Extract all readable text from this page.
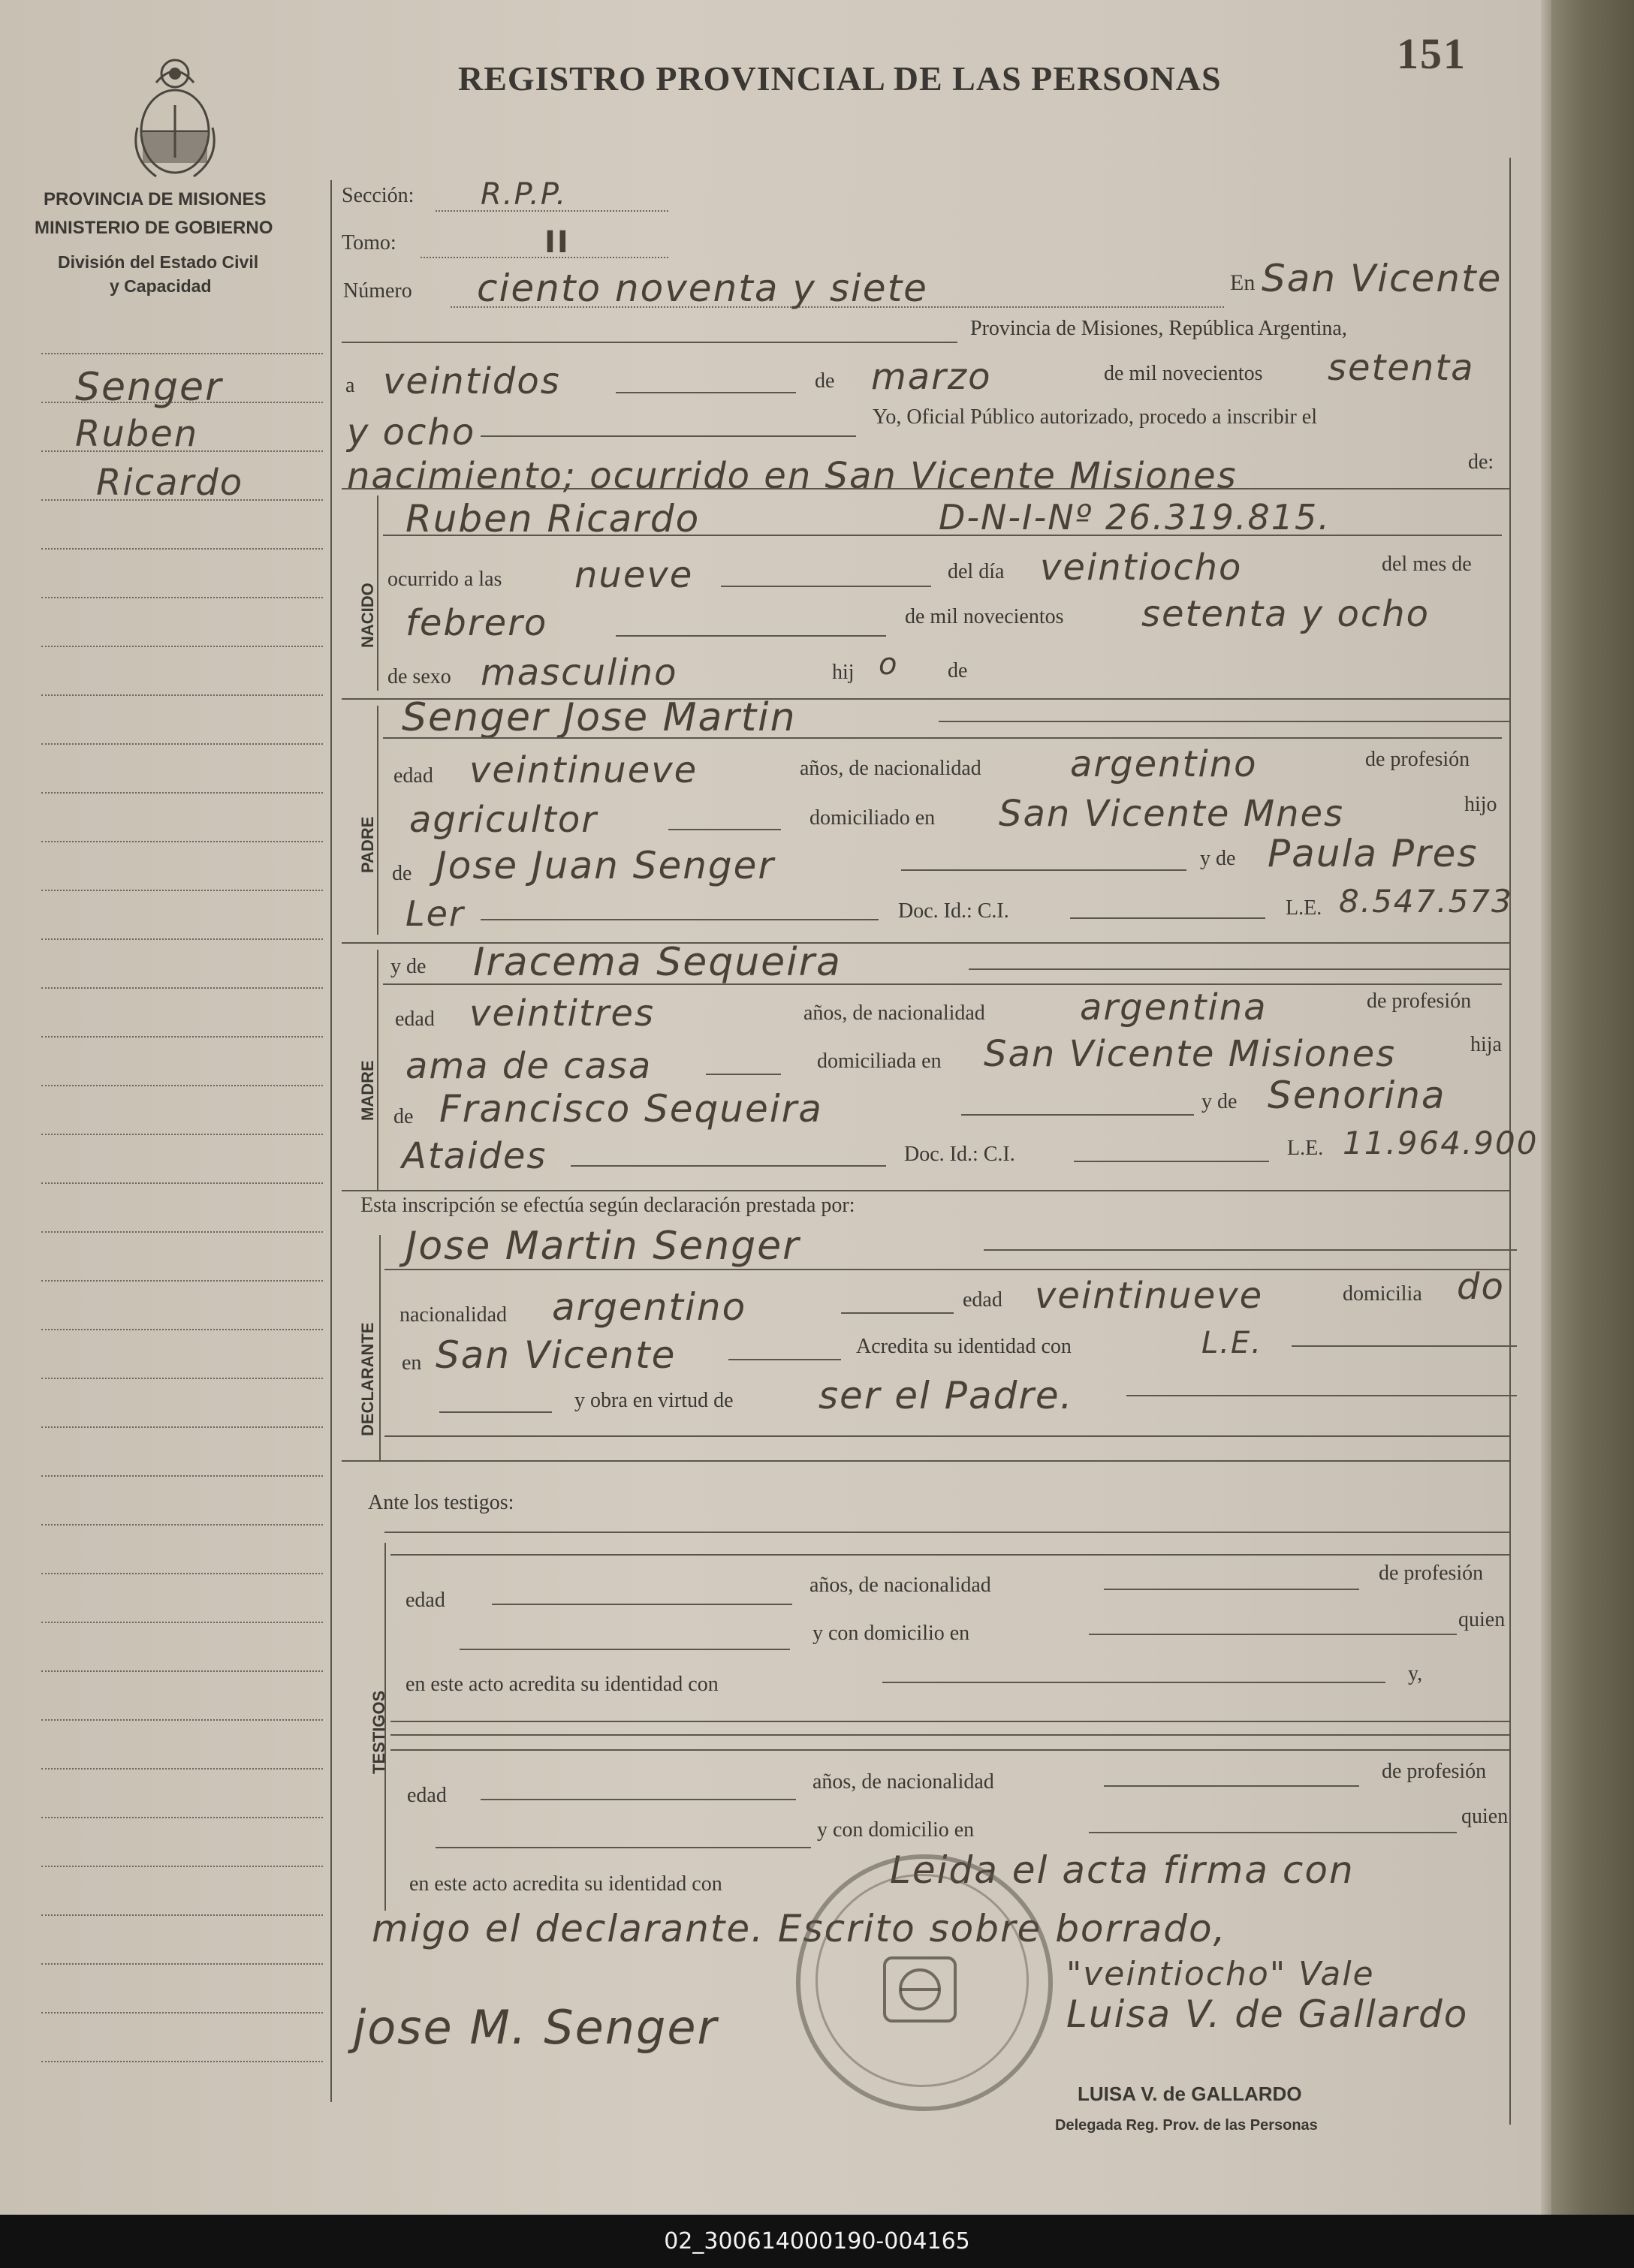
REGISTRO PROVINCIAL DE LAS PERSONAS
151
PROVINCIA DE MISIONES
MINISTERIO DE GOBIERNO
División del Estado Civil
y Capacidad
Senger
Ruben
Ricardo
Sección: R.P.P.
Tomo:	II
Número ciento noventa y siete	En San Vicente
Provincia de Misiones, República Argentina,
a veintidos	de marzo	de mil novecientos setenta
y ocho	Yo, Oficial Público autorizado, procedo a inscribir el
nacimiento; ocurrido en San Vicente Misiones	de:
NACIDO
Ruben Ricardo	D-N-I-Nº 26.319.815.
ocurrido a las nueve	del día veintiocho	del mes de
febrero	de mil novecientos setenta y ocho
de sexo masculino	hij o de
PADRE
Senger Jose Martin
edad veintinueve	años, de nacionalidad argentino	de profesión
agricultor	domiciliado en San Vicente Mnes	hijo
de Jose Juan Senger	y de Paula Pres
Ler	Doc. Id.: C.I.	L.E. 8.547.573
MADRE
y de Iracema Sequeira
edad veintitres	años, de nacionalidad	argentina	de profesión
ama de casa	domiciliada en San Vicente Misiones	hija
de Francisco Sequeira	y de Senorina
Ataides	Doc. Id.: C.I.	L.E. 11.964.900
Esta inscripción se efectúa según declaración prestada por:
DECLARANTE
Jose Martin Senger
nacionalidad argentino	edad veintinueve	domicilia do
en San Vicente	Acredita su identidad con	L.E.
y obra en virtud de ser el Padre.
Ante los testigos:
TESTIGOS
edad
años, de nacionalidad
de profesión
y con domicilio en
quien
en este acto acredita su identidad con	y,
edad
años, de nacionalidad	de profesión
y con domicilio en
quien
en este acto acredita su identidad con	Leida el acta firma con
migo el declarante. Escrito sobre borrado,
"veintiocho" Vale
jose M. Senger	Luisa V. de Gallardo
LUISA V. de GALLARDO
Delegada Reg. Prov. de las Personas
02_300614000190-004165
